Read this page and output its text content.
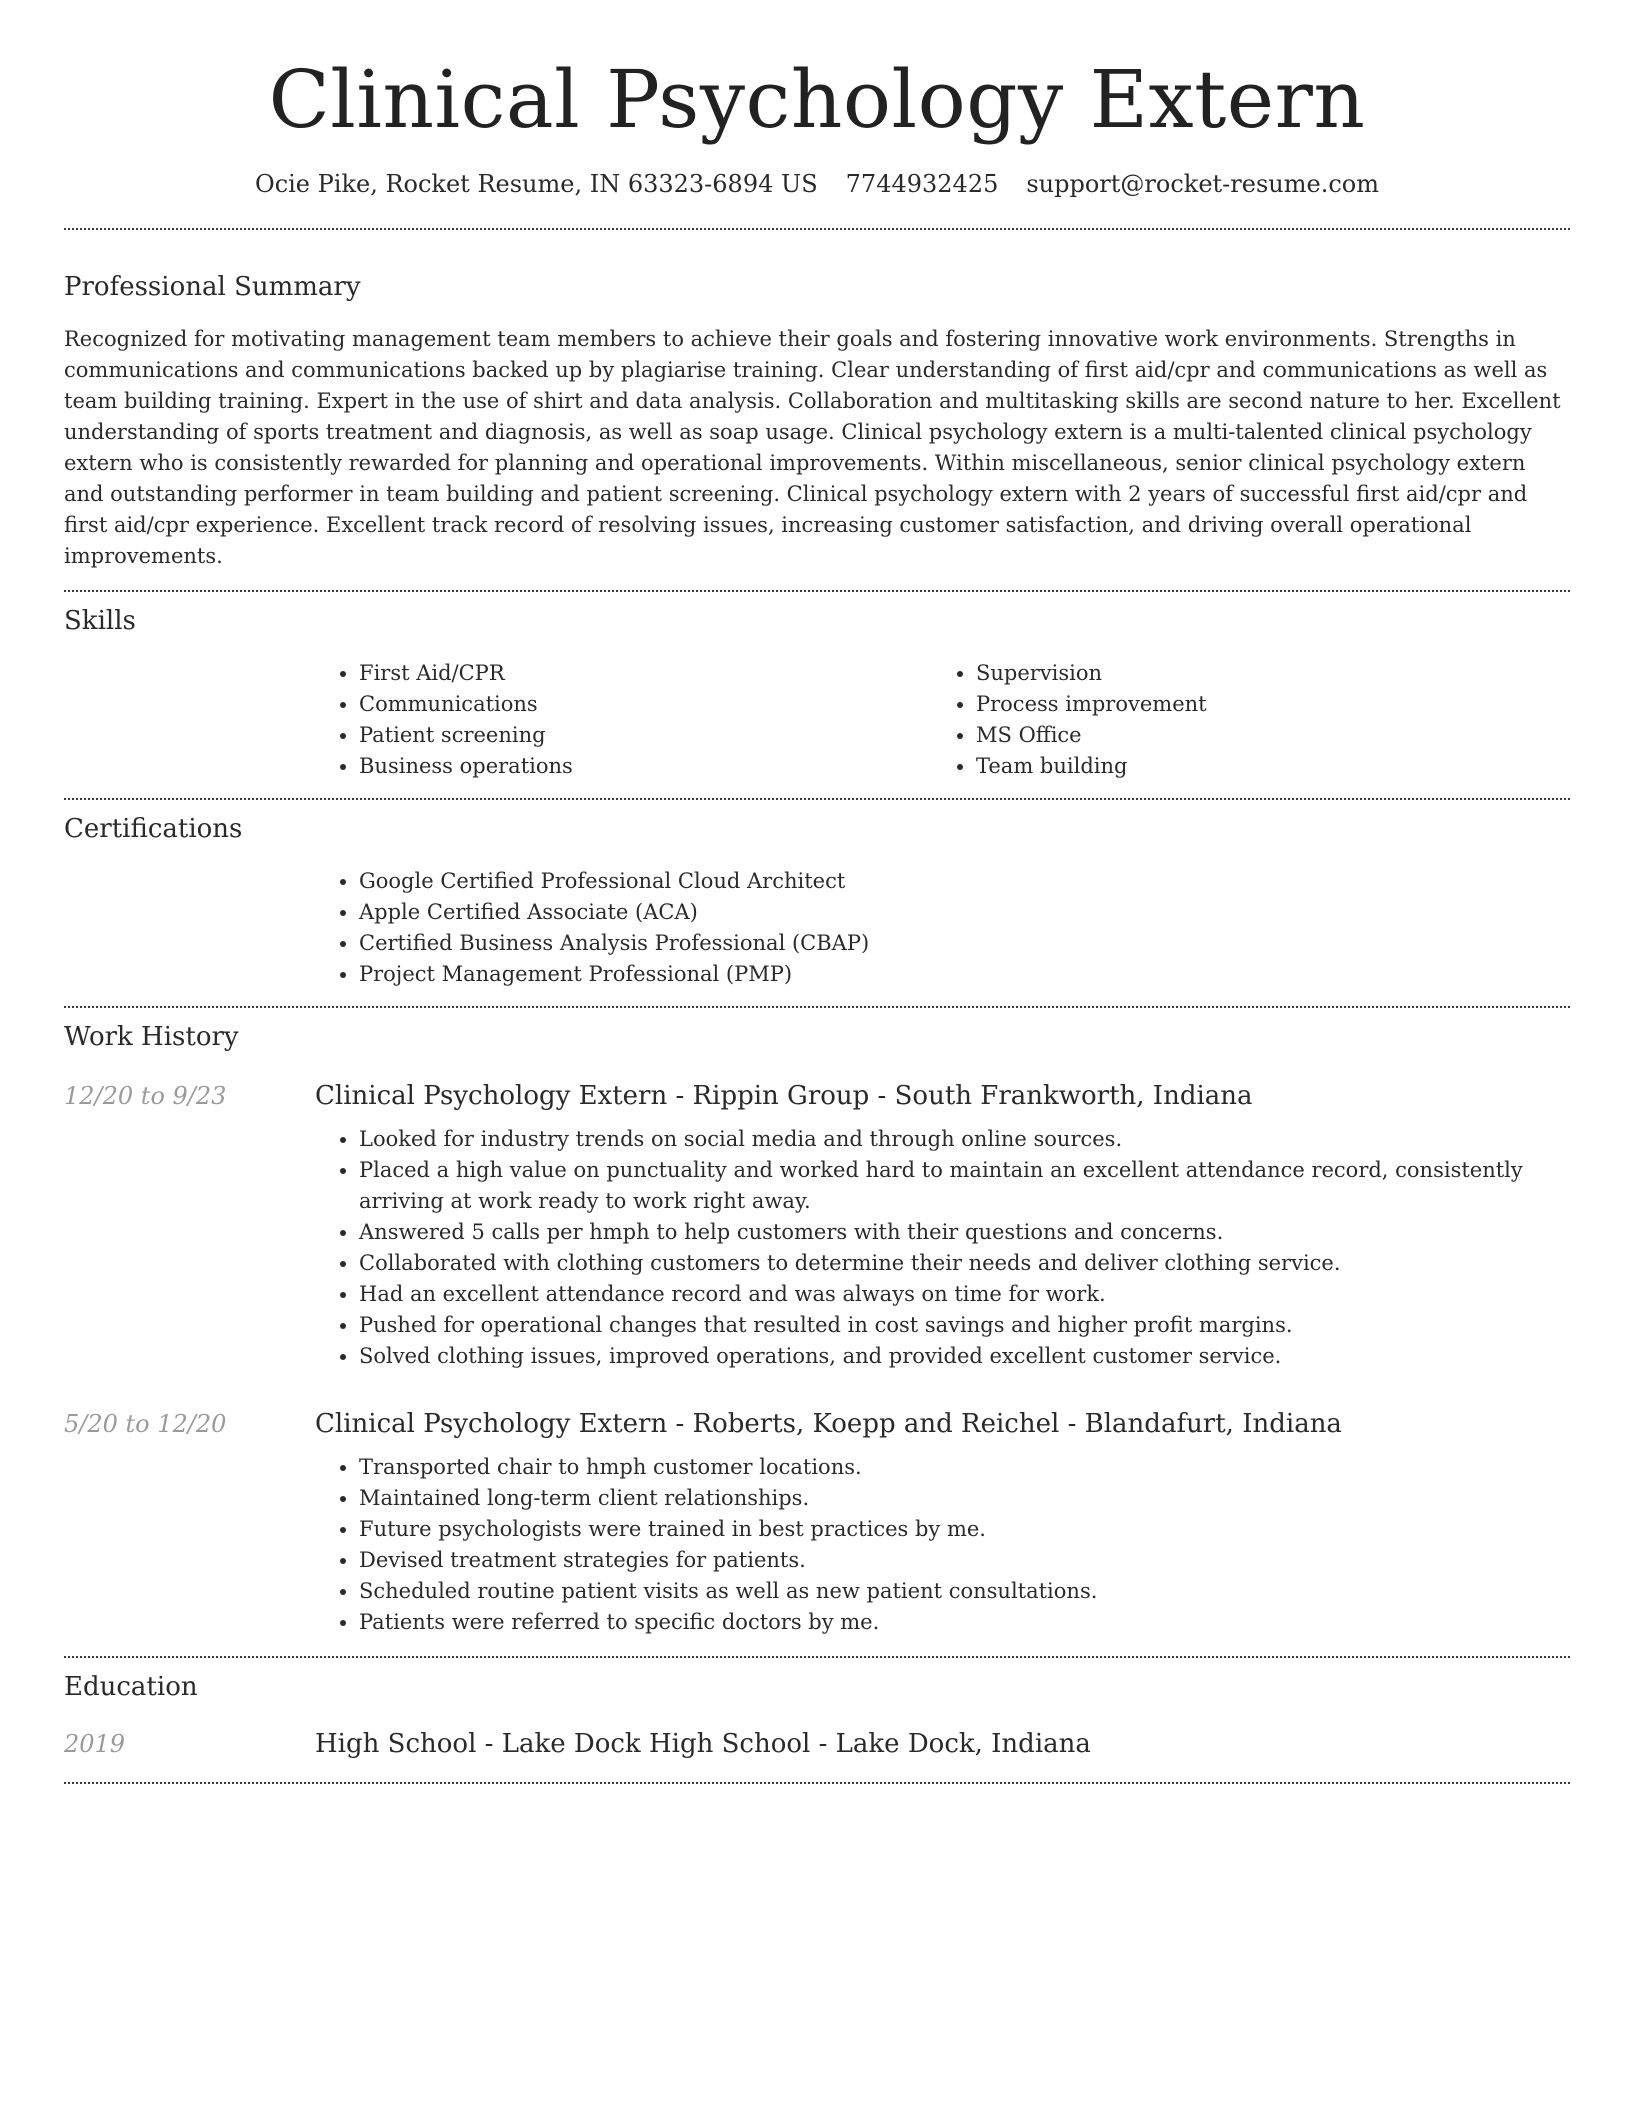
Clinical Psychology Extern
Ocie Pike, Rocket Resume, IN 63323-6894 US 7744932425 support@rocket-resume.com
Professional Summary

Recognized for motivating management team members to achieve their goals and fostering innovative work environments. Strengths in communications and communications backed up by plagiarise training. Clear understanding of first aid/cpr and communications as well as team building training. Expert in the use of shirt and data analysis. Collaboration and multitasking skills are second nature to her. Excellent understanding of sports treatment and diagnosis, as well as soap usage. Clinical psychology extern is a multi-talented clinical psychology extern who is consistently rewarded for planning and operational improvements. Within miscellaneous, senior clinical psychology extern and outstanding performer in team building and patient screening. Clinical psychology extern with 2 years of successful first aid/cpr and first aid/cpr experience. Excellent track record of resolving issues, increasing customer satisfaction, and driving overall operational improvements.

Skills
• First Aid/CPR
• Communications
• Patient screening
• Business operations
• Supervision
• Process improvement
• MS Office
• Team building
Certifications
• Google Certified Professional Cloud Architect
• Apple Certified Associate (ACA)
• Certified Business Analysis Professional (CBAP)
• Project Management Professional (PMP)
Work History
12/20 to 9/23	Clinical Psychology Extern - Rippin Group - South Frankworth, Indiana
• Looked for industry trends on social media and through online sources.
• Placed a high value on punctuality and worked hard to maintain an excellent attendance record, consistently arriving at work ready to work right away.
• Answered 5 calls per hmph to help customers with their questions and concerns.
• Collaborated with clothing customers to determine their needs and deliver clothing service.
• Had an excellent attendance record and was always on time for work.
• Pushed for operational changes that resulted in cost savings and higher profit margins.
• Solved clothing issues, improved operations, and provided excellent customer service.
5/20 to 12/20	Clinical Psychology Extern - Roberts, Koepp and Reichel - Blandafurt, Indiana
• Transported chair to hmph customer locations.
• Maintained long-term client relationships.
• Future psychologists were trained in best practices by me.
• Devised treatment strategies for patients.
• Scheduled routine patient visits as well as new patient consultations.
• Patients were referred to specific doctors by me.
Education
2019	High School - Lake Dock High School - Lake Dock, Indiana
